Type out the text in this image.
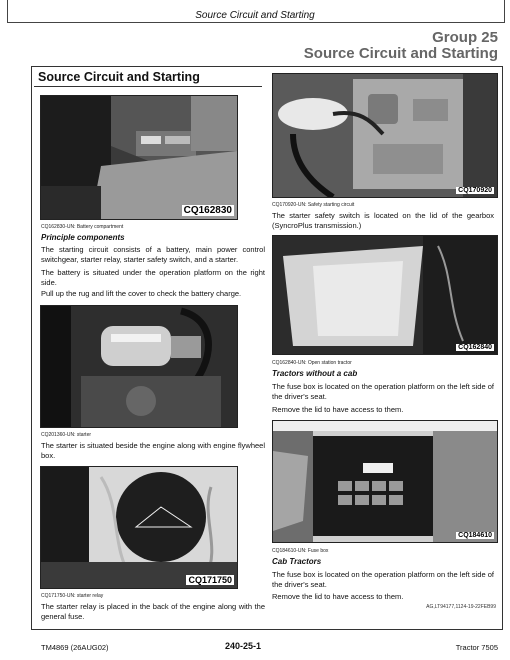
Source Circuit and Starting
Group 25
Source Circuit and Starting
Source Circuit and Starting
CQ162830
CQ162830-UN: Battery compartment
Principle components
The starting circuit consists of a battery, main power control switchgear, starter relay, starter safety switch, and a starter.
The battery is situated under the operation platform on the right side.
Pull up the rug and lift the cover to check the battery charge.
CQ201360-UN: starter
The starter is situated beside the engine along with engine flywheel box.
CQ171750
CQ171750-UN: starter relay
The starter relay is placed in the back of the engine along with the general fuse.
CQ170920
CQ170920-UN: Safety starting circuit
The starter safety switch is located on the lid of the gearbox (SyncroPlus transmission.)
CQ162840
CQ162840-UN: Open station tractor
Tractors without a cab
The fuse box is located on the operation platform on the left side of the driver's seat.
Remove the lid to have access to them.
CQ184610
CQ184610-UN: Fuse box
Cab Tractors
The fuse box is located on the operation platform on the left side of the driver's seat.
Remove the lid to have access to them.
AG,LT94177,1124-19-22FEB99
TM4869 (26AUG02)	240-25-1	Tractor 7505
